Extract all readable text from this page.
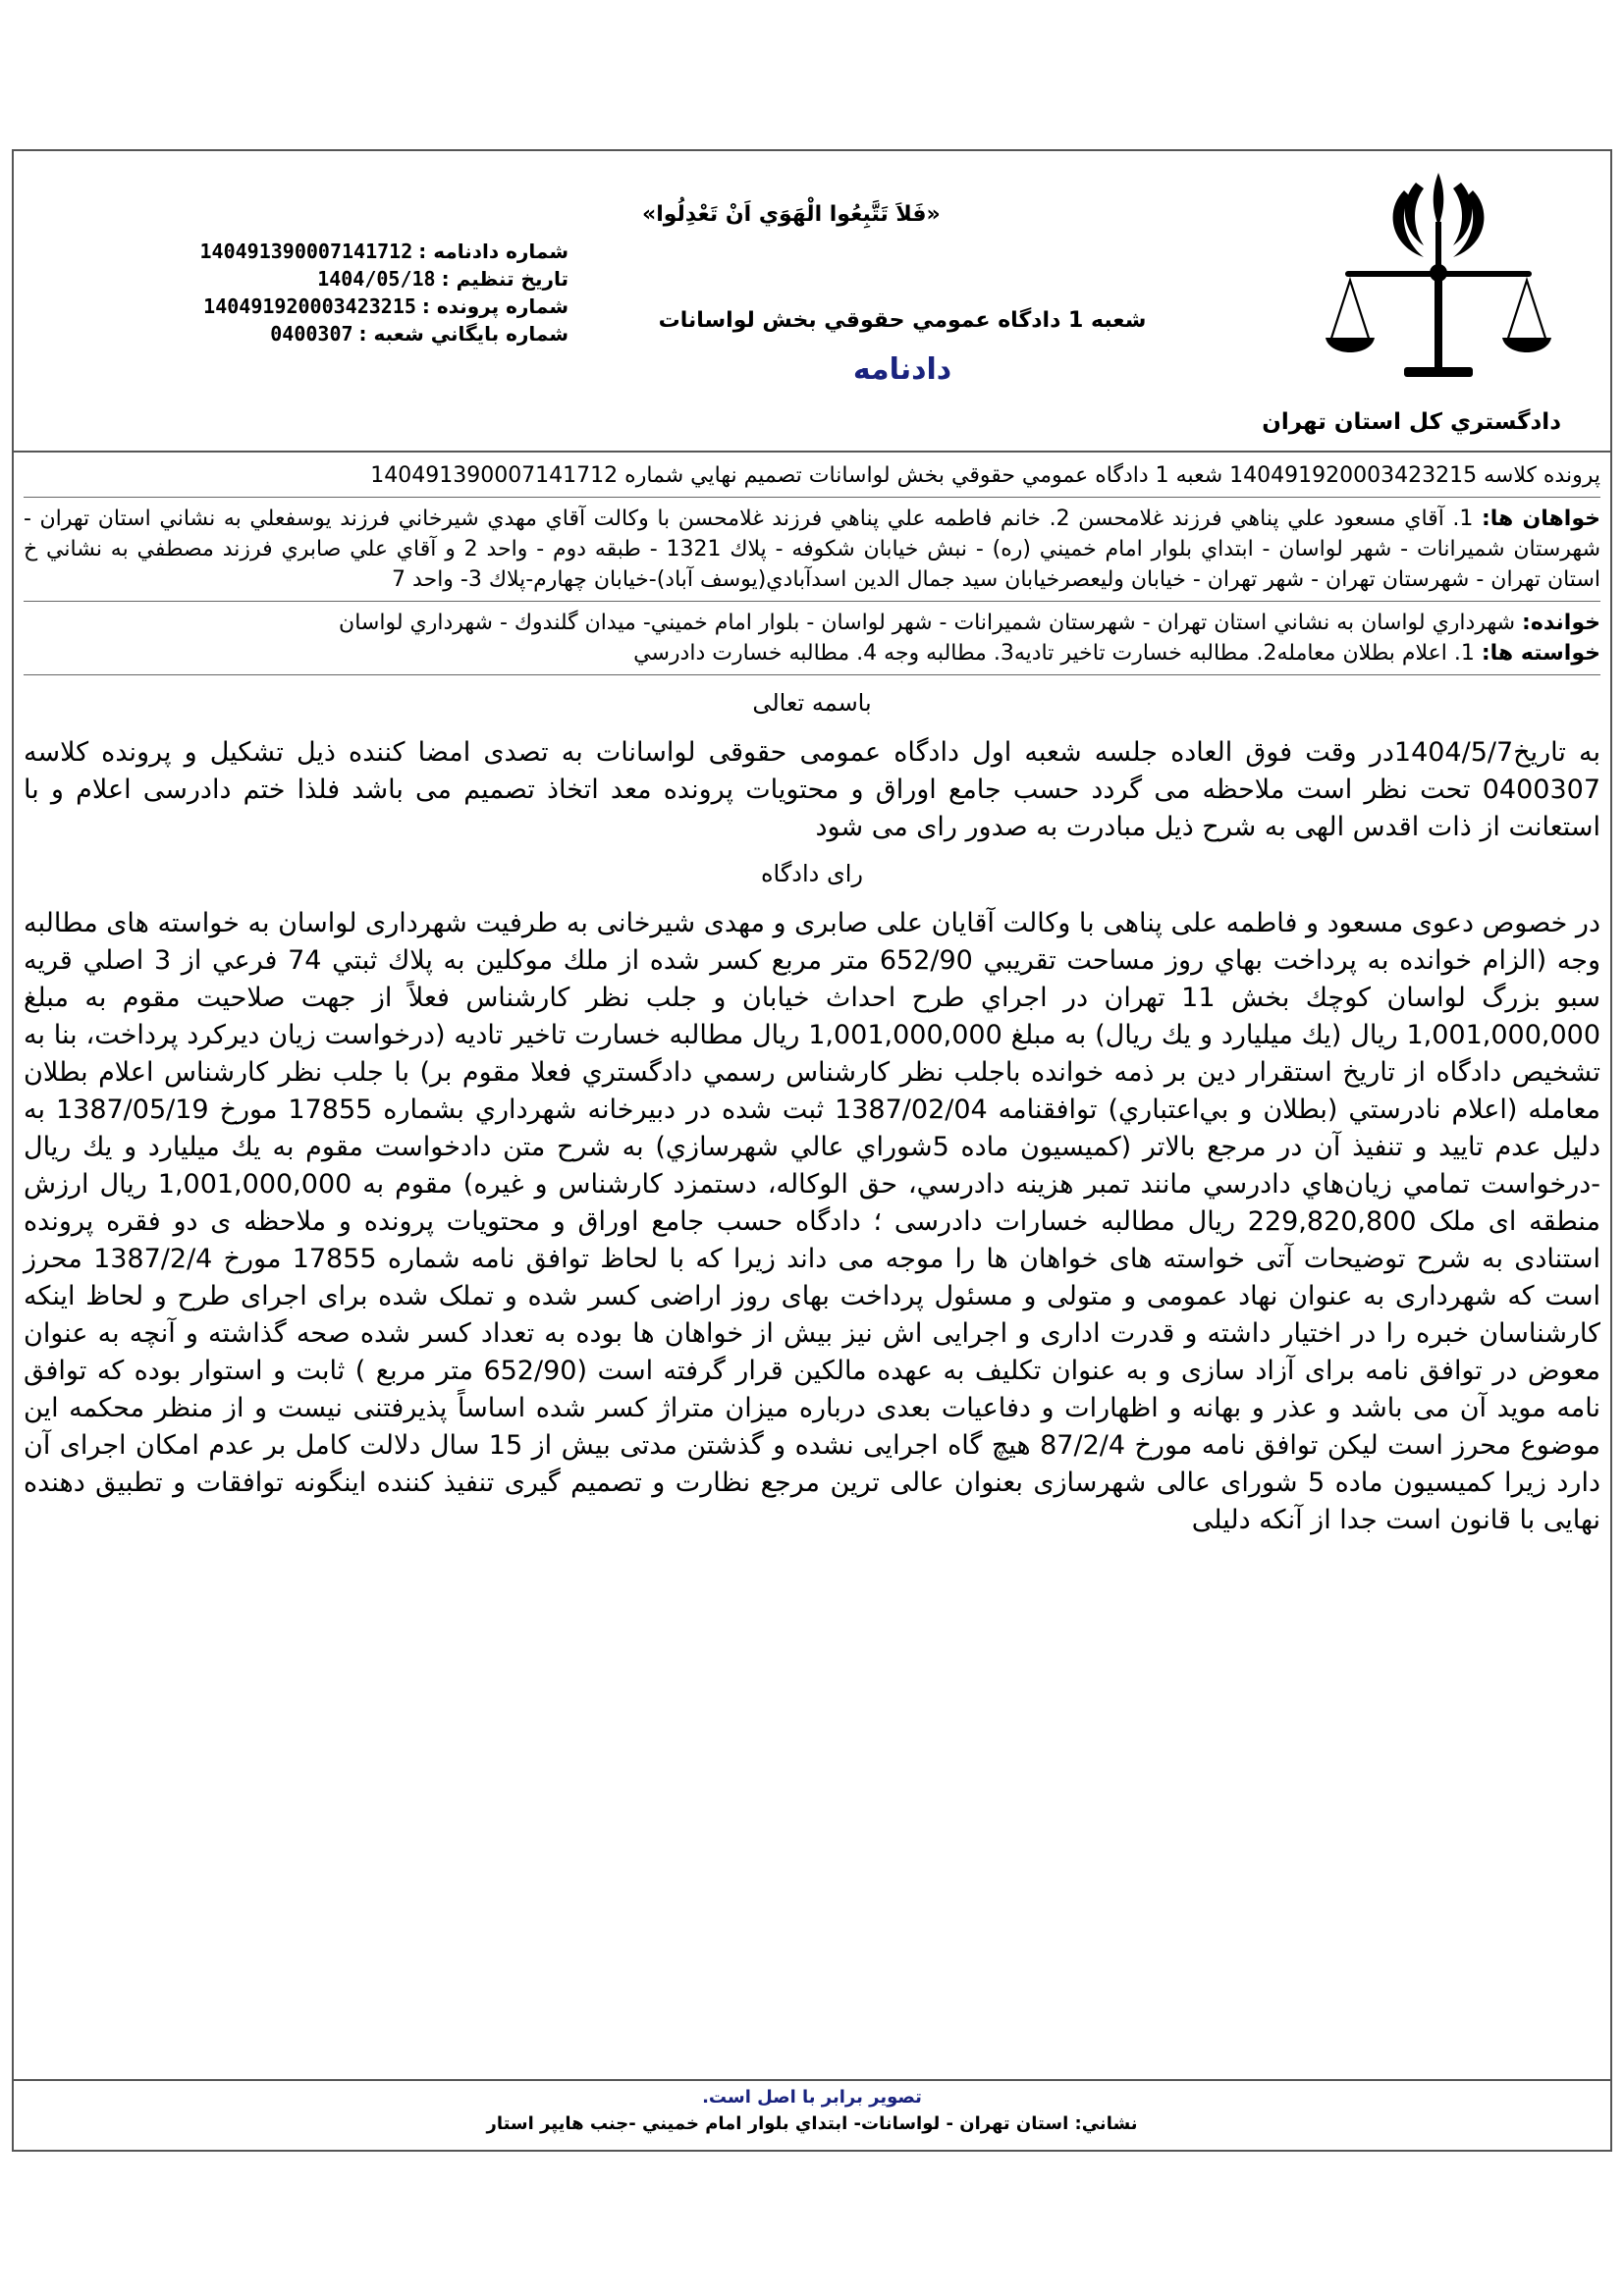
دادگستري كل استان تهران
«فَلاَ تَتَّبِعُوا الْهَوَي اَنْ تَعْدِلُوا»
شعبه 1 دادگاه عمومي حقوقي بخش لواسانات
دادنامه
شماره دادنامه :
140491390007141712
تاريخ تنظيم :
1404/05/18
شماره پرونده :
140491920003423215
شماره بايگاني شعبه :
0400307
پرونده كلاسه 140491920003423215 شعبه 1 دادگاه عمومي حقوقي بخش لواسانات تصميم نهايي شماره 140491390007141712
خواهان ها: 1. آقاي مسعود علي پناهي فرزند غلامحسن 2. خانم فاطمه علي پناهي فرزند غلامحسن با وكالت آقاي مهدي شيرخاني فرزند يوسفعلي به نشاني استان تهران - شهرستان شميرانات - شهر لواسان - ابتداي بلوار امام خميني (ره) - نبش خيابان شكوفه - پلاك 1321 - طبقه دوم - واحد 2 و آقاي علي صابري فرزند مصطفي به نشاني خ استان تهران - شهرستان تهران - شهر تهران - خيابان وليعصرخيابان سيد جمال الدين اسدآبادي(يوسف آباد)-خيابان چهارم-پلاك 3- واحد 7
خوانده: شهرداري لواسان به نشاني استان تهران - شهرستان شميرانات - شهر لواسان - بلوار امام خميني- ميدان گلندوك - شهرداري لواسان
خواسته ها: 1. اعلام بطلان معامله2. مطالبه خسارت تاخير تاديه3. مطالبه وجه 4. مطالبه خسارت دادرسي
باسمه تعالی
به تاریخ1404/5/7در وقت فوق العاده جلسه شعبه اول دادگاه عمومی حقوقی لواسانات به تصدی امضا کننده ذیل تشکیل و پرونده کلاسه 0400307 تحت نظر است ملاحظه می گردد حسب جامع اوراق و محتویات پرونده معد اتخاذ تصمیم می باشد فلذا ختم دادرسی اعلام و با استعانت از ذات اقدس الهی به شرح ذیل مبادرت به صدور رای می شود
رای دادگاه
در خصوص دعوی مسعود و فاطمه علی پناهی با وکالت آقایان علی صابری و مهدی شیرخانی به طرفیت شهرداری لواسان به خواسته های مطالبه وجه (الزام خوانده به پرداخت بهاي روز مساحت تقريبي 652/90 متر مربع كسر شده از ملك موكلين به پلاك ثبتي 74 فرعي از 3 اصلي قريه سبو بزرگ لواسان كوچك بخش 11 تهران در اجراي طرح احداث خيابان و جلب نظر كارشناس فعلاً از جهت صلاحيت مقوم به مبلغ 1,001,000,000 ريال (يك ميليارد و يك ريال) به مبلغ 1,001,000,000 ريال مطالبه خسارت تاخير تاديه (درخواست زيان ديركرد پرداخت، بنا به تشخيص دادگاه از تاريخ استقرار دين بر ذمه خوانده باجلب نظر كارشناس رسمي دادگستري فعلا مقوم بر) با جلب نظر كارشناس اعلام بطلان معامله (اعلام نادرستي (بطلان و بي‌اعتباري) توافقنامه 1387/02/04 ثبت شده در دبيرخانه شهرداري بشماره 17855 مورخ 1387/05/19 به دليل عدم تاييد و تنفيذ آن در مرجع بالاتر (كميسيون ماده 5شوراي عالي شهرسازي) به شرح متن دادخواست مقوم به يك ميليارد و يك ريال -درخواست تمامي زيان‌هاي دادرسي مانند تمبر هزينه دادرسي، حق الوكاله، دستمزد كارشناس و غيره) مقوم به 1,001,000,000 ریال ارزش منطقه ای ملک 229,820,800 ریال مطالبه خسارات دادرسی ؛ دادگاه حسب جامع اوراق و محتویات پرونده و ملاحظه ی دو فقره پرونده استنادی به شرح توضیحات آتی خواسته های خواهان ها را موجه می داند زیرا که با لحاظ توافق نامه شماره 17855 مورخ 1387/2/4 محرز است که شهرداری به عنوان نهاد عمومی و متولی و مسئول پرداخت بهای روز اراضی کسر شده و تملک شده برای اجرای طرح و لحاظ اینکه کارشناسان خبره را در اختیار داشته و قدرت اداری و اجرایی اش نیز بیش از خواهان ها بوده به تعداد کسر شده صحه گذاشته و آنچه به عنوان معوض در توافق نامه برای آزاد سازی و به عنوان تکلیف به عهده مالکین قرار گرفته است (652/90 متر مربع ) ثابت و استوار بوده که توافق نامه موید آن می باشد و عذر و بهانه و اظهارات و دفاعیات بعدی درباره میزان متراژ کسر شده اساساً پذیرفتنی نیست و از منظر محکمه این موضوع محرز است لیکن توافق نامه مورخ 87/2/4 هیچ گاه اجرایی نشده و گذشتن مدتی بیش از 15 سال دلالت کامل بر عدم امکان اجرای آن دارد زیرا کمیسیون ماده 5 شورای عالی شهرسازی بعنوان عالی ترین مرجع نظارت و تصمیم گیری تنفیذ کننده اینگونه توافقات و تطبیق دهنده نهایی با قانون است جدا از آنکه دلیلی
تصوير برابر با اصل است.
نشاني: استان تهران - لواسانات- ابتداي بلوار امام خميني -جنب هايپر استار
